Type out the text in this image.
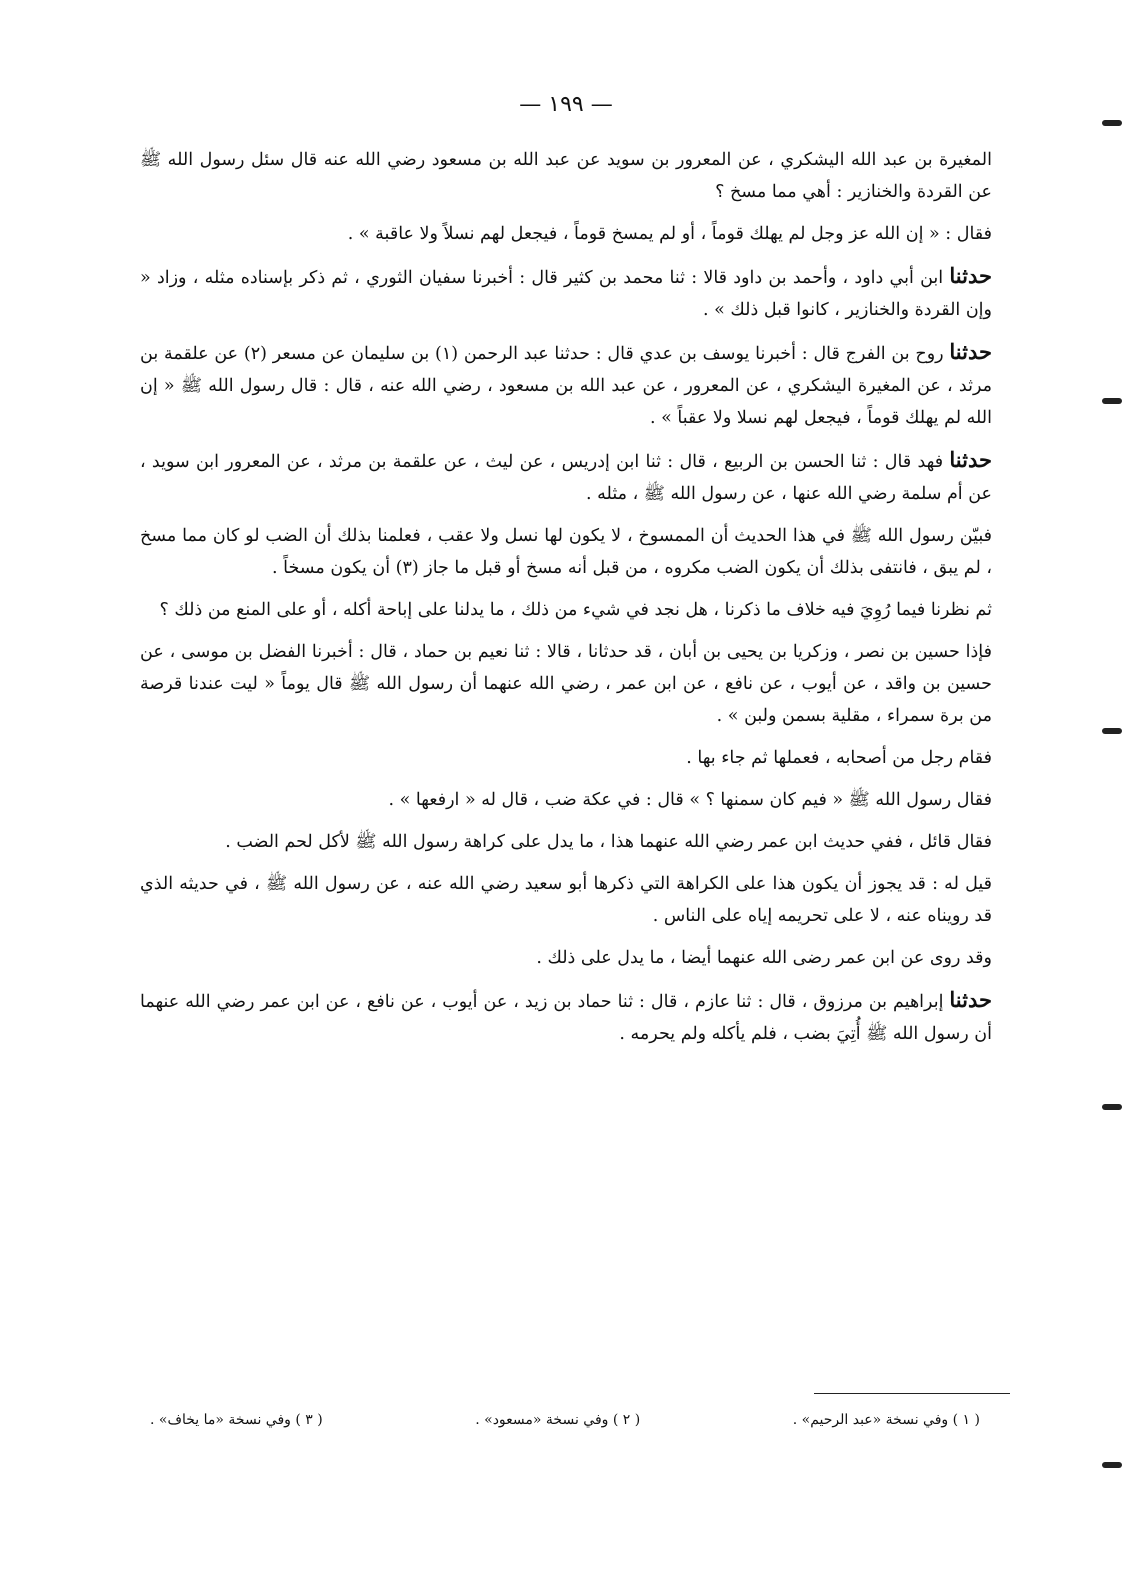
— ١٩٩ —

المغيرة بن عبد الله اليشكري ، عن المعرور بن سويد عن عبد الله بن مسعود رضي الله عنه قال سئل رسول الله ﷺ عن القردة والخنازير : أهي مما مسخ ؟

فقال : « إن الله عز وجل لم يهلك قوماً ، أو لم يمسخ قوماً ، فيجعل لهم نسلاً ولا عاقبة » .

حدثنا ابن أبي داود ، وأحمد بن داود قالا : ثنا محمد بن كثير قال : أخبرنا سفيان الثوري ، ثم ذكر بإسناده مثله ، وزاد « وإن القردة والخنازير ، كانوا قبل ذلك » .

حدثنا روح بن الفرج قال : أخبرنا يوسف بن عدي قال : حدثنا عبد الرحمن (١) بن سليمان عن مسعر (٢) عن علقمة بن مرثد ، عن المغيرة اليشكري ، عن المعرور ، عن عبد الله بن مسعود ، رضي الله عنه ، قال : قال رسول الله ﷺ « إن الله لم يهلك قوماً ، فيجعل لهم نسلا ولا عقباً » .

حدثنا فهد قال : ثنا الحسن بن الربيع ، قال : ثنا ابن إدريس ، عن ليث ، عن علقمة بن مرثد ، عن المعرور ابن سويد ، عن أم سلمة رضي الله عنها ، عن رسول الله ﷺ ، مثله .

فبيّن رسول الله ﷺ في هذا الحديث أن الممسوخ ، لا يكون لها نسل ولا عقب ، فعلمنا بذلك أن الضب لو كان مما مسخ ، لم يبق ، فانتفى بذلك أن يكون الضب مكروه ، من قبل أنه مسخ أو قبل ما جاز (٣) أن يكون مسخاً .

ثم نظرنا فيما رُوِيَ فيه خلاف ما ذكرنا ، هل نجد في شيء من ذلك ، ما يدلنا على إباحة أكله ، أو على المنع من ذلك ؟

فإذا حسين بن نصر ، وزكريا بن يحيى بن أبان ، قد حدثانا ، قالا : ثنا نعيم بن حماد ، قال : أخبرنا الفضل بن موسى ، عن حسين بن واقد ، عن أيوب ، عن نافع ، عن ابن عمر ، رضي الله عنهما أن رسول الله ﷺ قال يوماً « ليت عندنا قرصة من برة سمراء ، مقلية بسمن ولبن » .

فقام رجل من أصحابه ، فعملها ثم جاء بها .

فقال رسول الله ﷺ « فيم كان سمنها ؟ » قال : في عكة ضب ، قال له « ارفعها » .

فقال قائل ، ففي حديث ابن عمر رضي الله عنهما هذا ، ما يدل على كراهة رسول الله ﷺ لأكل لحم الضب .

قيل له : قد يجوز أن يكون هذا على الكراهة التي ذكرها أبو سعيد رضي الله عنه ، عن رسول الله ﷺ ، في حديثه الذي قد رويناه عنه ، لا على تحريمه إياه على الناس .

وقد روى عن ابن عمر رضى الله عنهما أيضا ، ما يدل على ذلك .

حدثنا إبراهيم بن مرزوق ، قال : ثنا عازم ، قال : ثنا حماد بن زيد ، عن أيوب ، عن نافع ، عن ابن عمر رضي الله عنهما أن رسول الله ﷺ أُتِيَ بضب ، فلم يأكله ولم يحرمه .

( ١ ) وفي نسخة «عبد الرحيم» .
( ٢ ) وفي نسخة «مسعود» .
( ٣ ) وفي نسخة «ما يخاف» .
